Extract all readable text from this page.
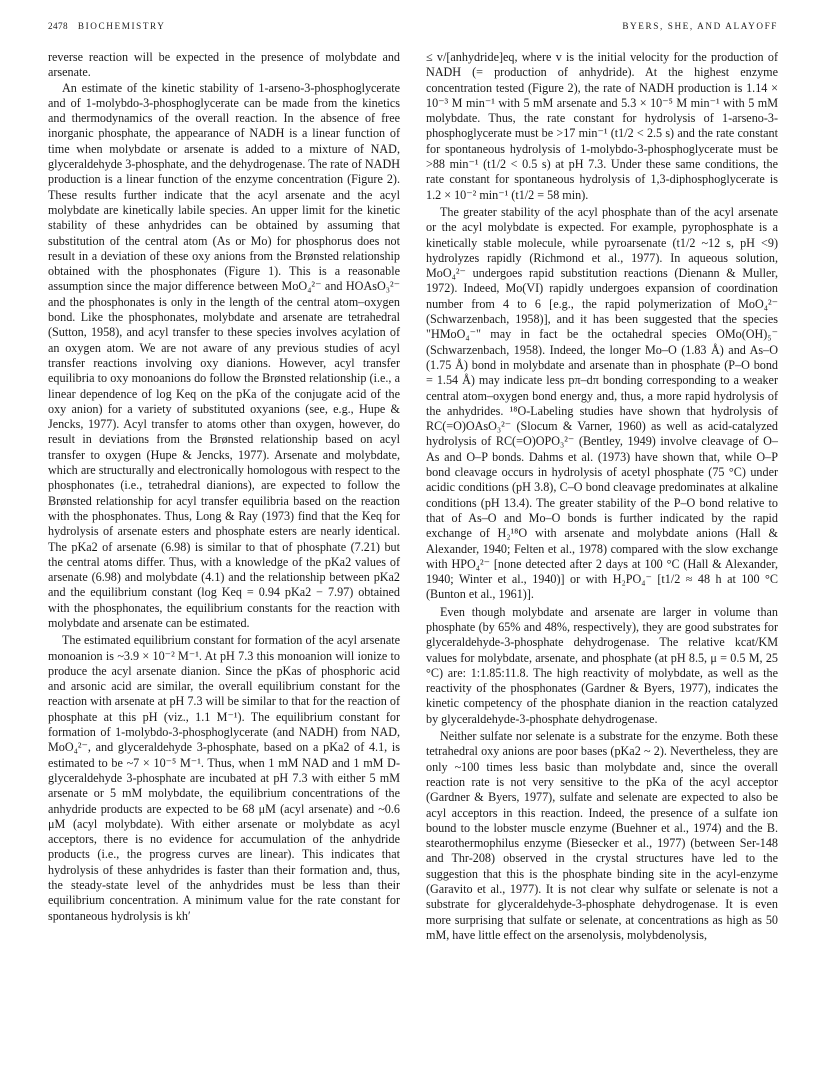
2478 BIOCHEMISTRY	BYERS, SHE, AND ALAYOFF

reverse reaction will be expected in the presence of molybdate and arsenate.

An estimate of the kinetic stability of 1-arseno-3-phosphoglycerate and of 1-molybdo-3-phosphoglycerate can be made from the kinetics and thermodynamics of the overall reaction. In the absence of free inorganic phosphate, the appearance of NADH is a linear function of time when molybdate or arsenate is added to a mixture of NAD, glyceraldehyde 3-phosphate, and the dehydrogenase. The rate of NADH production is a linear function of the enzyme concentration (Figure 2). These results further indicate that the acyl arsenate and the acyl molybdate are kinetically labile species. An upper limit for the kinetic stability of these anhydrides can be obtained by assuming that substitution of the central atom (As or Mo) for phosphorus does not result in a deviation of these oxy anions from the Brønsted relationship obtained with the phosphonates (Figure 1). This is a reasonable assumption since the major difference between MoO₄²⁻ and HOAsO₃²⁻ and the phosphonates is only in the length of the central atom–oxygen bond. Like the phosphonates, molybdate and arsenate are tetrahedral (Sutton, 1958), and acyl transfer to these species involves acylation of an oxygen atom. We are not aware of any previous studies of acyl transfer reactions involving oxy dianions. However, acyl transfer equilibria to oxy monoanions do follow the Brønsted relationship (i.e., a linear dependence of log Keq on the pKa of the conjugate acid of the oxy anion) for a variety of substituted oxyanions (see, e.g., Hupe & Jencks, 1977). Acyl transfer to atoms other than oxygen, however, do result in deviations from the Brønsted relationship based on acyl transfer to oxygen (Hupe & Jencks, 1977). Arsenate and molybdate, which are structurally and electronically homologous with respect to the phosphonates (i.e., tetrahedral dianions), are expected to follow the Brønsted relationship for acyl transfer equilibria based on the reaction with the phosphonates. Thus, Long & Ray (1973) find that the Keq for hydrolysis of arsenate esters and phosphate esters are nearly identical. The pKa2 of arsenate (6.98) is similar to that of phosphate (7.21) but the central atoms differ. Thus, with a knowledge of the pKa2 values of arsenate (6.98) and molybdate (4.1) and the relationship between pKa2 and the equilibrium constant (log Keq = 0.94 pKa2 − 7.97) obtained with the phosphonates, the equilibrium constants for the reaction with molybdate and arsenate can be estimated.

The estimated equilibrium constant for formation of the acyl arsenate monoanion is ~3.9 × 10⁻² M⁻¹. At pH 7.3 this monoanion will ionize to produce the acyl arsenate dianion. Since the pKas of phosphoric acid and arsonic acid are similar, the overall equilibrium constant for the reaction with arsenate at pH 7.3 will be similar to that for the reaction of phosphate at this pH (viz., 1.1 M⁻¹). The equilibrium constant for formation of 1-molybdo-3-phosphoglycerate (and NADH) from NAD, MoO₄²⁻, and glyceraldehyde 3-phosphate, based on a pKa2 of 4.1, is estimated to be ~7 × 10⁻⁵ M⁻¹. Thus, when 1 mM NAD and 1 mM D-glyceraldehyde 3-phosphate are incubated at pH 7.3 with either 5 mM arsenate or 5 mM molybdate, the equilibrium concentrations of the anhydride products are expected to be 68 μM (acyl arsenate) and ~0.6 μM (acyl molybdate). With either arsenate or molybdate as acyl acceptors, there is no evidence for accumulation of the anhydride products (i.e., the progress curves are linear). This indicates that hydrolysis of these anhydrides is faster than their formation and, thus, the steady-state level of the anhydrides must be less than their equilibrium concentration. A minimum value for the rate constant for spontaneous hydrolysis is kh′

≤ v/[anhydride]eq, where v is the initial velocity for the production of NADH (= production of anhydride). At the highest enzyme concentration tested (Figure 2), the rate of NADH production is 1.14 × 10⁻³ M min⁻¹ with 5 mM arsenate and 5.3 × 10⁻⁵ M min⁻¹ with 5 mM molybdate. Thus, the rate constant for hydrolysis of 1-arseno-3-phosphoglycerate must be >17 min⁻¹ (t1/2 < 2.5 s) and the rate constant for spontaneous hydrolysis of 1-molybdo-3-phosphoglycerate must be >88 min⁻¹ (t1/2 < 0.5 s) at pH 7.3. Under these same conditions, the rate constant for spontaneous hydrolysis of 1,3-diphosphoglycerate is 1.2 × 10⁻² min⁻¹ (t1/2 = 58 min).

The greater stability of the acyl phosphate than of the acyl arsenate or the acyl molybdate is expected. For example, pyrophosphate is a kinetically stable molecule, while pyroarsenate (t1/2 ~12 s, pH <9) hydrolyzes rapidly (Richmond et al., 1977). In aqueous solution, MoO₄²⁻ undergoes rapid substitution reactions (Dienann & Muller, 1972). Indeed, Mo(VI) rapidly undergoes expansion of coordination number from 4 to 6 [e.g., the rapid polymerization of MoO₄²⁻ (Schwarzenbach, 1958)], and it has been suggested that the species "HMoO₄⁻" may in fact be the octahedral species OMo(OH)₅⁻ (Schwarzenbach, 1958). Indeed, the longer Mo–O (1.83 Å) and As–O (1.75 Å) bond in molybdate and arsenate than in phosphate (P–O bond = 1.54 Å) may indicate less pπ–dπ bonding corresponding to a weaker central atom–oxygen bond energy and, thus, a more rapid hydrolysis of the anhydrides. ¹⁸O-Labeling studies have shown that hydrolysis of RC(=O)OAsO₃²⁻ (Slocum & Varner, 1960) as well as acid-catalyzed hydrolysis of RC(=O)OPO₃²⁻ (Bentley, 1949) involve cleavage of O–As and O–P bonds. Dahms et al. (1973) have shown that, while O–P bond cleavage occurs in hydrolysis of acetyl phosphate (75 °C) under acidic conditions (pH 3.8), C–O bond cleavage predominates at alkaline conditions (pH 13.4). The greater stability of the P–O bond relative to that of As–O and Mo–O bonds is further indicated by the rapid exchange of H₂¹⁸O with arsenate and molybdate anions (Hall & Alexander, 1940; Felten et al., 1978) compared with the slow exchange with HPO₄²⁻ [none detected after 2 days at 100 °C (Hall & Alexander, 1940; Winter et al., 1940)] or with H₂PO₄⁻ [t1/2 ≈ 48 h at 100 °C (Bunton et al., 1961)].

Even though molybdate and arsenate are larger in volume than phosphate (by 65% and 48%, respectively), they are good substrates for glyceraldehyde-3-phosphate dehydrogenase. The relative kcat/KM values for molybdate, arsenate, and phosphate (at pH 8.5, μ = 0.5 M, 25 °C) are: 1:1.85:11.8. The high reactivity of molybdate, as well as the reactivity of the phosphonates (Gardner & Byers, 1977), indicates the kinetic competency of the phosphate dianion in the reaction catalyzed by glyceraldehyde-3-phosphate dehydrogenase.

Neither sulfate nor selenate is a substrate for the enzyme. Both these tetrahedral oxy anions are poor bases (pKa2 ~ 2). Nevertheless, they are only ~100 times less basic than molybdate and, since the overall reaction rate is not very sensitive to the pKa of the acyl acceptor (Gardner & Byers, 1977), sulfate and selenate are expected to also be acyl acceptors in this reaction. Indeed, the presence of a sulfate ion bound to the lobster muscle enzyme (Buehner et al., 1974) and the B. stearothermophilus enzyme (Biesecker et al., 1977) (between Ser-148 and Thr-208) observed in the crystal structures have led to the suggestion that this is the phosphate binding site in the acyl-enzyme (Garavito et al., 1977). It is not clear why sulfate or selenate is not a substrate for glyceraldehyde-3-phosphate dehydrogenase. It is even more surprising that sulfate or selenate, at concentrations as high as 50 mM, have little effect on the arsenolysis, molybdenolysis,
